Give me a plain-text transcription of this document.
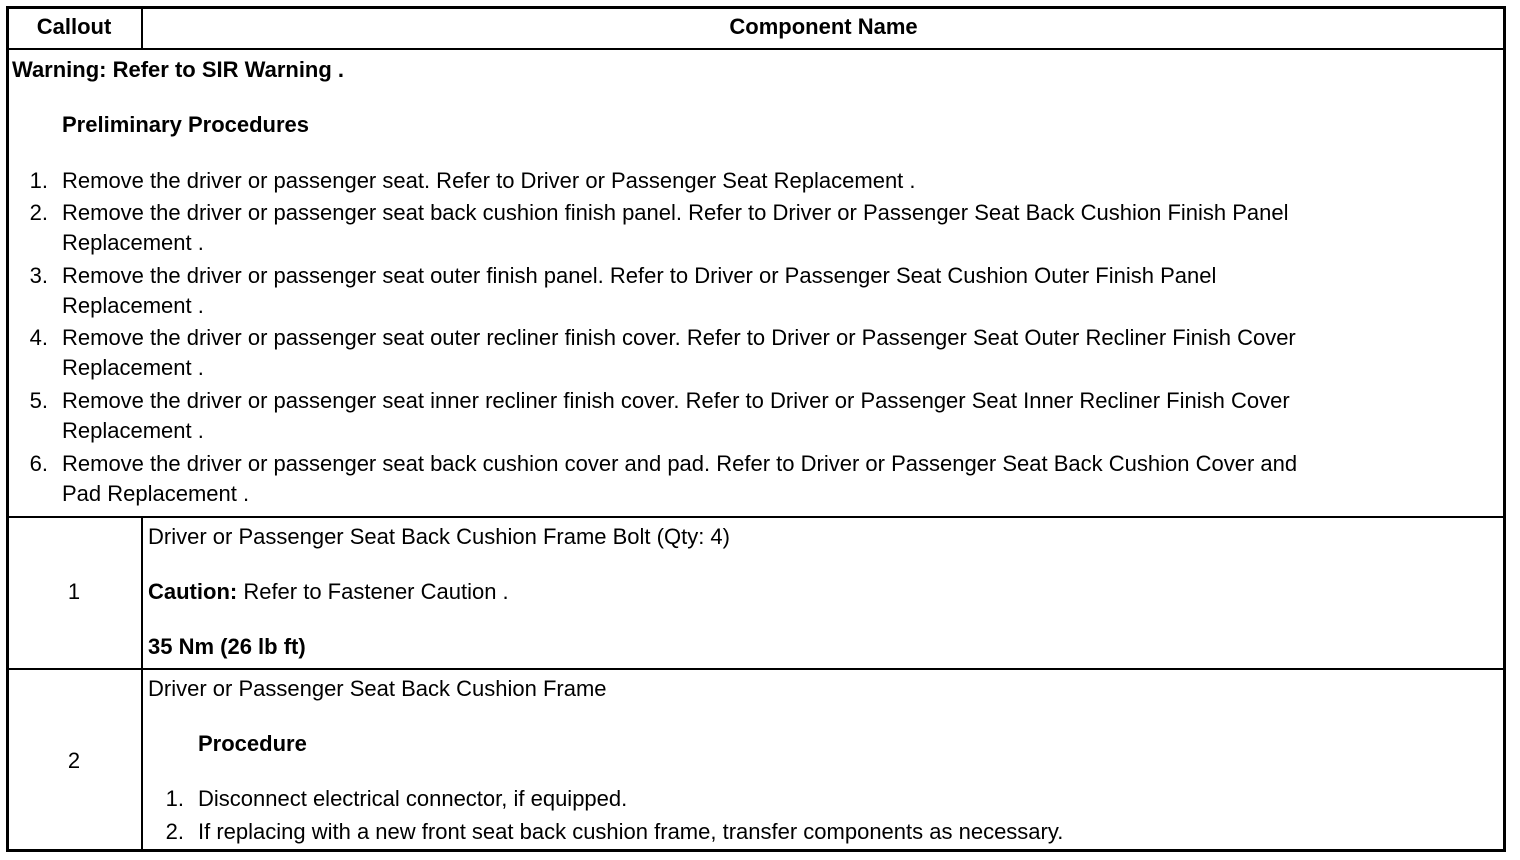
Callout	Component Name
Warning: Refer to SIR Warning .
Preliminary Procedures
1. Remove the driver or passenger seat. Refer to Driver or Passenger Seat Replacement .
2. Remove the driver or passenger seat back cushion finish panel. Refer to Driver or Passenger Seat Back Cushion Finish Panel
Replacement .
3. Remove the driver or passenger seat outer finish panel. Refer to Driver or Passenger Seat Cushion Outer Finish Panel
Replacement .
4. Remove the driver or passenger seat outer recliner finish cover. Refer to Driver or Passenger Seat Outer Recliner Finish Cover
Replacement .
5. Remove the driver or passenger seat inner recliner finish cover. Refer to Driver or Passenger Seat Inner Recliner Finish Cover
Replacement .
6. Remove the driver or passenger seat back cushion cover and pad. Refer to Driver or Passenger Seat Back Cushion Cover and
Pad Replacement .
1
Driver or Passenger Seat Back Cushion Frame Bolt (Qty: 4)
Caution: Refer to Fastener Caution .
35 Nm (26 lb ft)
2
Driver or Passenger Seat Back Cushion Frame
Procedure
1. Disconnect electrical connector, if equipped.
2. If replacing with a new front seat back cushion frame, transfer components as necessary.
